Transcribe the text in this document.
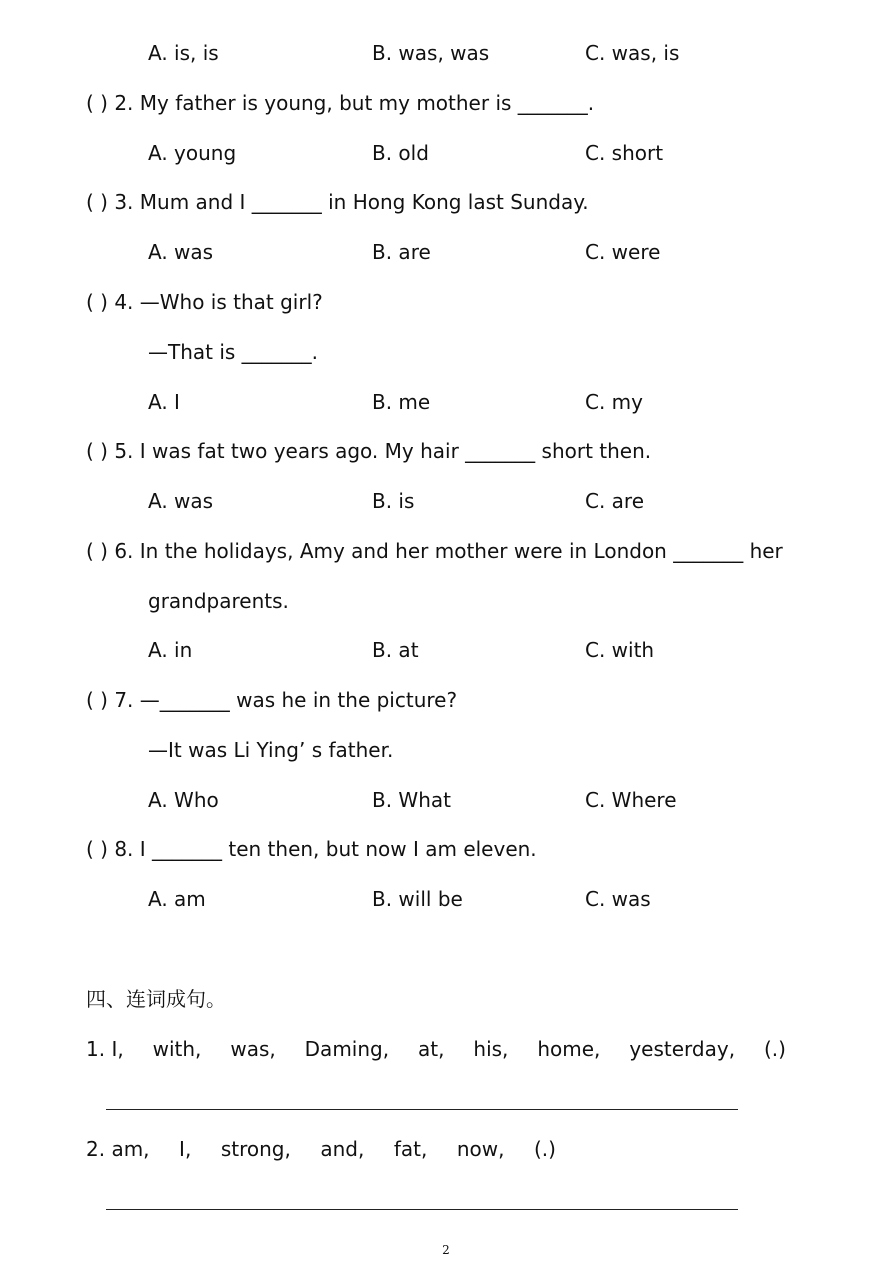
A. is, is	B. was, was	C. was, is
( ) 2. My father is young, but my mother is _______.
A. young	B. old	C. short
( ) 3. Mum and I _______ in Hong Kong last Sunday.
A. was	B. are	C. were
( ) 4. —Who is that girl?
—That is _______.
A. I	B. me	C. my
( ) 5. I was fat two years ago. My hair _______ short then.
A. was	B. is	C. are
( ) 6. In the holidays, Amy and her mother were in London _______ her
grandparents.
A. in	B. at	C. with
( ) 7. —_______ was he in the picture?
—It was Li Ying’ s father.
A. Who	B. What	C. Where
( ) 8. I _______ ten then, but now I am eleven.
A. am	B. will be	C. was
四、连词成句。
1. I, with, was, Daming, at, his, home, yesterday, (.)
2. am, I, strong, and, fat, now, (.)
2
